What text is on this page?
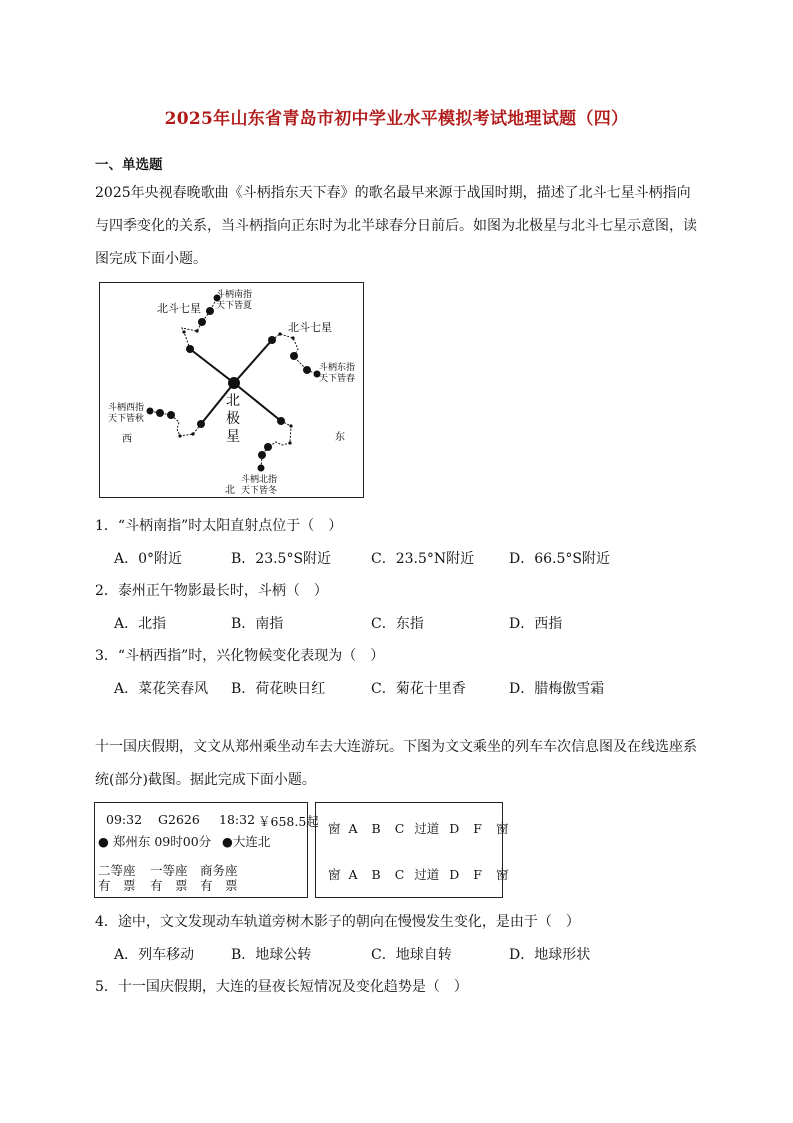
2025年山东省青岛市初中学业水平模拟考试地理试题（四）
一、单选题
2025年央视春晚歌曲《斗柄指东天下春》的歌名最早来源于战国时期，描述了北斗七星斗柄指向
与四季变化的关系，当斗柄指向正东时为北半球春分日前后。如图为北极星与北斗七星示意图，读
图完成下面小题。
北
极
星
北斗七星
斗柄南指
天下皆夏
北斗七星
斗柄东指
天下皆春
斗柄西指
天下皆秋
斗柄北指
天下皆冬
西	东
北
1．“斗柄南指”时太阳直射点位于（　）
A．0°附近	B．23.5°S附近	C．23.5°N附近 D．66.5°S附近
2．泰州正午物影最长时，斗柄（　）
A．北指	B．南指	C．东指	D．西指
3．“斗柄西指”时，兴化物候变化表现为（　）
A．菜花笑春风 B．荷花映日红	C．菊花十里香	D．腊梅傲雪霜
十一国庆假期，文文从郑州乘坐动车去大连游玩。下图为文文乘坐的列车车次信息图及在线选座系
统(部分)截图。据此完成下面小题。
09:32 G2626 18:32 ￥658.5起
● 郑州东 09时00分 ●大连北
二等座 一等座 商务座
有　票 有　票 有　票
窗 A B C 过道 D F 窗
窗 A B C 过道 D F 窗
4．途中，文文发现动车轨道旁树木影子的朝向在慢慢发生变化，是由于（　）
A．列车移动	B．地球公转	C．地球自转	D．地球形状
5．十一国庆假期，大连的昼夜长短情况及变化趋势是（　）
